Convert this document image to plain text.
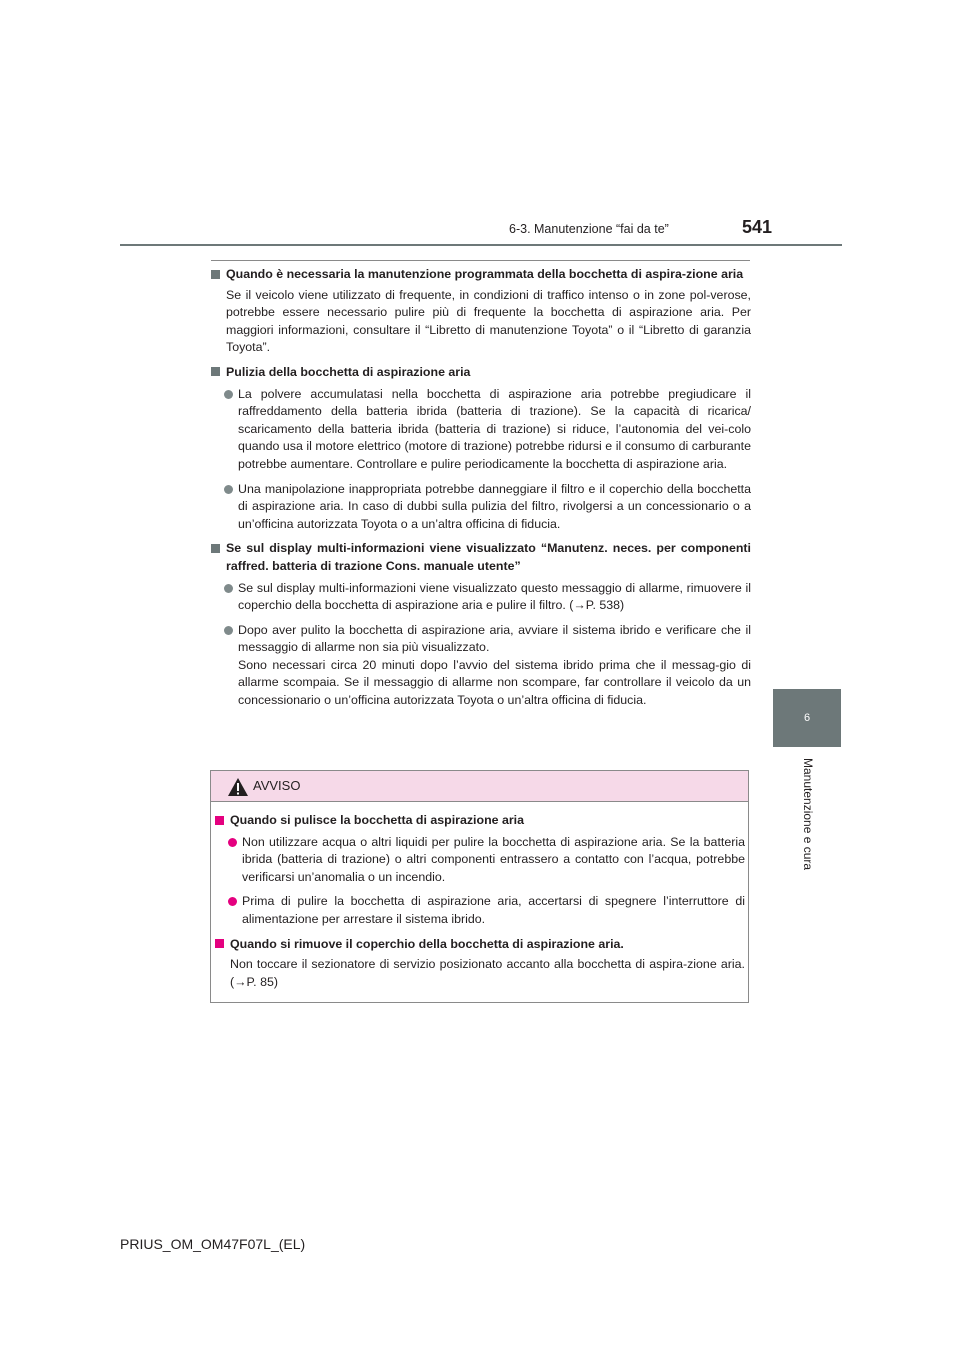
6-3. Manutenzione “fai da te”	541
6
Manutenzione e cura
Quando è necessaria la manutenzione programmata della bocchetta di aspira-zione aria
Se il veicolo viene utilizzato di frequente, in condizioni di traffico intenso o in zone pol-verose, potrebbe essere necessario pulire più di frequente la bocchetta di aspirazione aria. Per maggiori informazioni, consultare il “Libretto di manutenzione Toyota” o il “Libretto di garanzia Toyota”.
Pulizia della bocchetta di aspirazione aria
La polvere accumulatasi nella bocchetta di aspirazione aria potrebbe pregiudicare il raffreddamento della batteria ibrida (batteria di trazione). Se la capacità di ricarica/ scaricamento della batteria ibrida (batteria di trazione) si riduce, l’autonomia del vei-colo quando usa il motore elettrico (motore di trazione) potrebbe ridursi e il consumo di carburante potrebbe aumentare. Controllare e pulire periodicamente la bocchetta di aspirazione aria.
Una manipolazione inappropriata potrebbe danneggiare il filtro e il coperchio della bocchetta di aspirazione aria. In caso di dubbi sulla pulizia del filtro, rivolgersi a un concessionario o a un’officina autorizzata Toyota o a un’altra officina di fiducia.
Se sul display multi-informazioni viene visualizzato “Manutenz. neces. per componenti raffred. batteria di trazione Cons. manuale utente”
Se sul display multi-informazioni viene visualizzato questo messaggio di allarme, rimuovere il coperchio della bocchetta di aspirazione aria e pulire il filtro. (→P. 538)
Dopo aver pulito la bocchetta di aspirazione aria, avviare il sistema ibrido e verificare che il messaggio di allarme non sia più visualizzato.
Sono necessari circa 20 minuti dopo l’avvio del sistema ibrido prima che il messag-gio di allarme scompaia. Se il messaggio di allarme non scompare, far controllare il veicolo da un concessionario o un’officina autorizzata Toyota o un’altra officina di fiducia.
AVVISO
Quando si pulisce la bocchetta di aspirazione aria
Non utilizzare acqua o altri liquidi per pulire la bocchetta di aspirazione aria. Se la batteria ibrida (batteria di trazione) o altri componenti entrassero a contatto con l’acqua, potrebbe verificarsi un’anomalia o un incendio.
Prima di pulire la bocchetta di aspirazione aria, accertarsi di spegnere l’interruttore di alimentazione per arrestare il sistema ibrido.
Quando si rimuove il coperchio della bocchetta di aspirazione aria.
Non toccare il sezionatore di servizio posizionato accanto alla bocchetta di aspira-zione aria. (→P. 85)
PRIUS_OM_OM47F07L_(EL)
